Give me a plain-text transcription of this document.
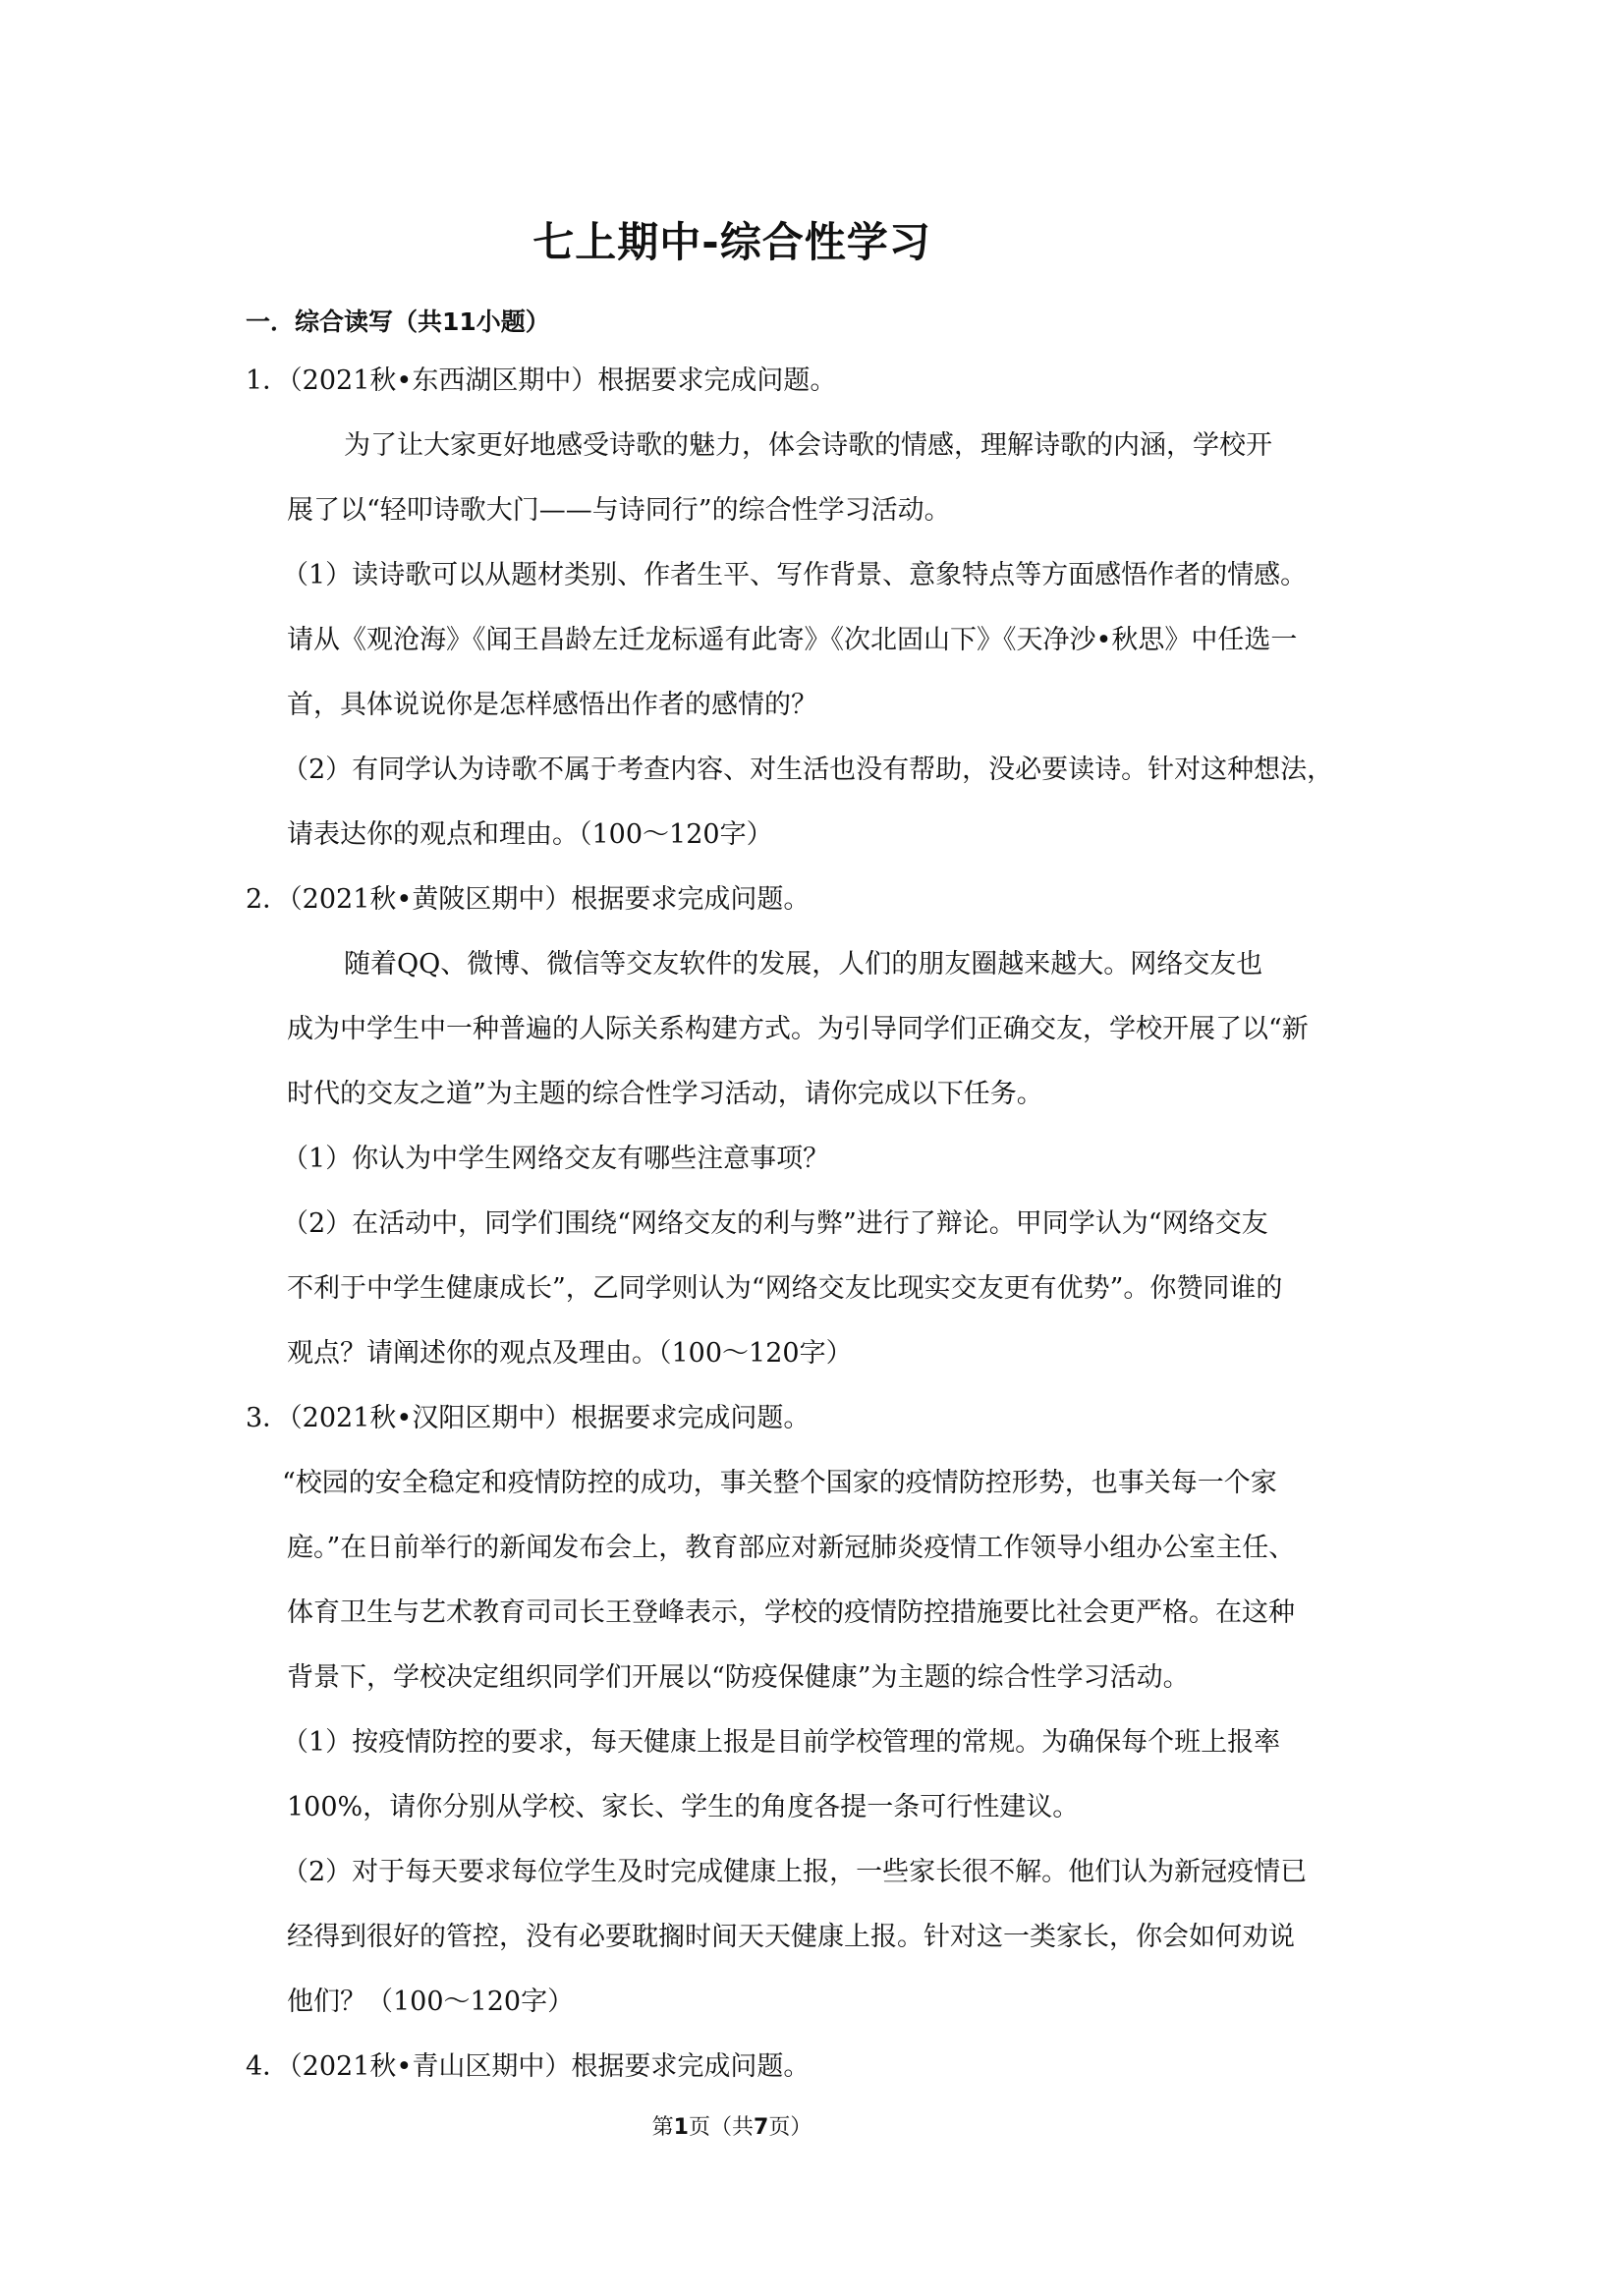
七上期中-综合性学习
一．综合读写（共11小题）
1．（2021秋•东西湖区期中）根据要求完成问题。
为了让大家更好地感受诗歌的魅力，体会诗歌的情感，理解诗歌的内涵，学校开
展了以“轻叩诗歌大门——与诗同行”的综合性学习活动。
（1）读诗歌可以从题材类别、作者生平、写作背景、意象特点等方面感悟作者的情感。
请从《观沧海》《闻王昌龄左迁龙标遥有此寄》《次北固山下》《天净沙•秋思》中任选一
首，具体说说你是怎样感悟出作者的感情的？
（2）有同学认为诗歌不属于考查内容、对生活也没有帮助，没必要读诗。针对这种想法，
请表达你的观点和理由。（100～120字）
2．（2021秋•黄陂区期中）根据要求完成问题。
随着QQ、微博、微信等交友软件的发展，人们的朋友圈越来越大。网络交友也
成为中学生中一种普遍的人际关系构建方式。为引导同学们正确交友，学校开展了以“新
时代的交友之道”为主题的综合性学习活动，请你完成以下任务。
（1）你认为中学生网络交友有哪些注意事项？
（2）在活动中，同学们围绕“网络交友的利与弊”进行了辩论。甲同学认为“网络交友
不利于中学生健康成长”，乙同学则认为“网络交友比现实交友更有优势”。你赞同谁的
观点？请阐述你的观点及理由。（100～120字）
3．（2021秋•汉阳区期中）根据要求完成问题。
“校园的安全稳定和疫情防控的成功，事关整个国家的疫情防控形势，也事关每一个家
庭。”在日前举行的新闻发布会上，教育部应对新冠肺炎疫情工作领导小组办公室主任、
体育卫生与艺术教育司司长王登峰表示，学校的疫情防控措施要比社会更严格。在这种
背景下，学校决定组织同学们开展以“防疫保健康”为主题的综合性学习活动。
（1）按疫情防控的要求，每天健康上报是目前学校管理的常规。为确保每个班上报率
100%，请你分别从学校、家长、学生的角度各提一条可行性建议。
（2）对于每天要求每位学生及时完成健康上报，一些家长很不解。他们认为新冠疫情已
经得到很好的管控，没有必要耽搁时间天天健康上报。针对这一类家长，你会如何劝说
他们？（100～120字）
4．（2021秋•青山区期中）根据要求完成问题。
第1页（共7页）
